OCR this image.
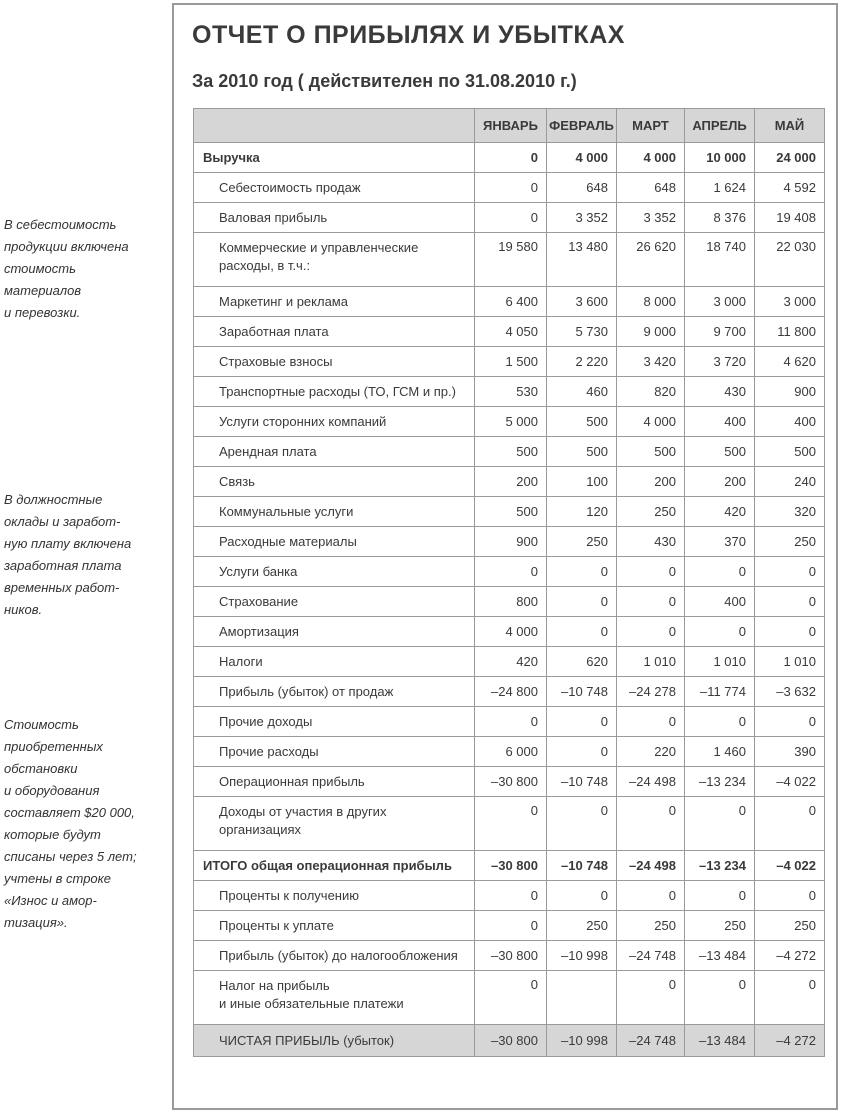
В себестоимость
продукции включена
стоимость
материалов
и перевозки.
В должностные
оклады и заработ-
ную плату включена
заработная плата
временных работ-
ников.
Стоимость
приобретенных
обстановки
и оборудования
составляет $20 000,
которые будут
списаны через 5 лет;
учтены в строке
«Износ и амор-
тизация».
ОТЧЕТ О ПРИБЫЛЯХ И УБЫТКАХ
За 2010 год ( действителен по 31.08.2010 г.)
	ЯНВАРЬ	ФЕВРАЛЬ	МАРТ	АПРЕЛЬ	МАЙ
Выручка	0	4 000	4 000	10 000	24 000
Себестоимость продаж	0	648	648	1 624	4 592
Валовая прибыль	0	3 352	3 352	8 376	19 408

Коммерческие и управленческие
расходы, в т.ч.:	19 580	13 480	26 620	18 740	22 030
Маркетинг и реклама	6 400	3 600	8 000	3 000	3 000
Заработная плата	4 050	5 730	9 000	9 700	11 800
Страховые взносы	1 500	2 220	3 420	3 720	4 620
Транспортные расходы (ТО, ГСМ и пр.)	530	460	820	430	900
Услуги сторонних компаний	5 000	500	4 000	400	400
Арендная плата	500	500	500	500	500
Связь	200	100	200	200	240
Коммунальные услуги	500	120	250	420	320
Расходные материалы	900	250	430	370	250
Услуги банка	0	0	0	0	0
Страхование	800	0	0	400	0
Амортизация	4 000	0	0	0	0
Налоги	420	620	1 010	1 010	1 010
Прибыль (убыток) от продаж	–24 800	–10 748	–24 278	–11 774	–3 632
Прочие доходы	0	0	0	0	0
Прочие расходы	6 000	0	220	1 460	390
Операционная прибыль	–30 800	–10 748	–24 498	–13 234	–4 022

Доходы от участия в других
организациях	0	0	0	0	0
ИТОГО общая операционная прибыль	–30 800	–10 748	–24 498	–13 234	–4 022
Проценты к получению	0	0	0	0	0
Проценты к уплате	0	250	250	250	250
Прибыль (убыток) до налогообложения	–30 800	–10 998	–24 748	–13 484	–4 272

Налог на прибыль
и иные обязательные платежи	0		0	0	0
ЧИСТАЯ ПРИБЫЛЬ (убыток)	–30 800	–10 998	–24 748	–13 484	–4 272
